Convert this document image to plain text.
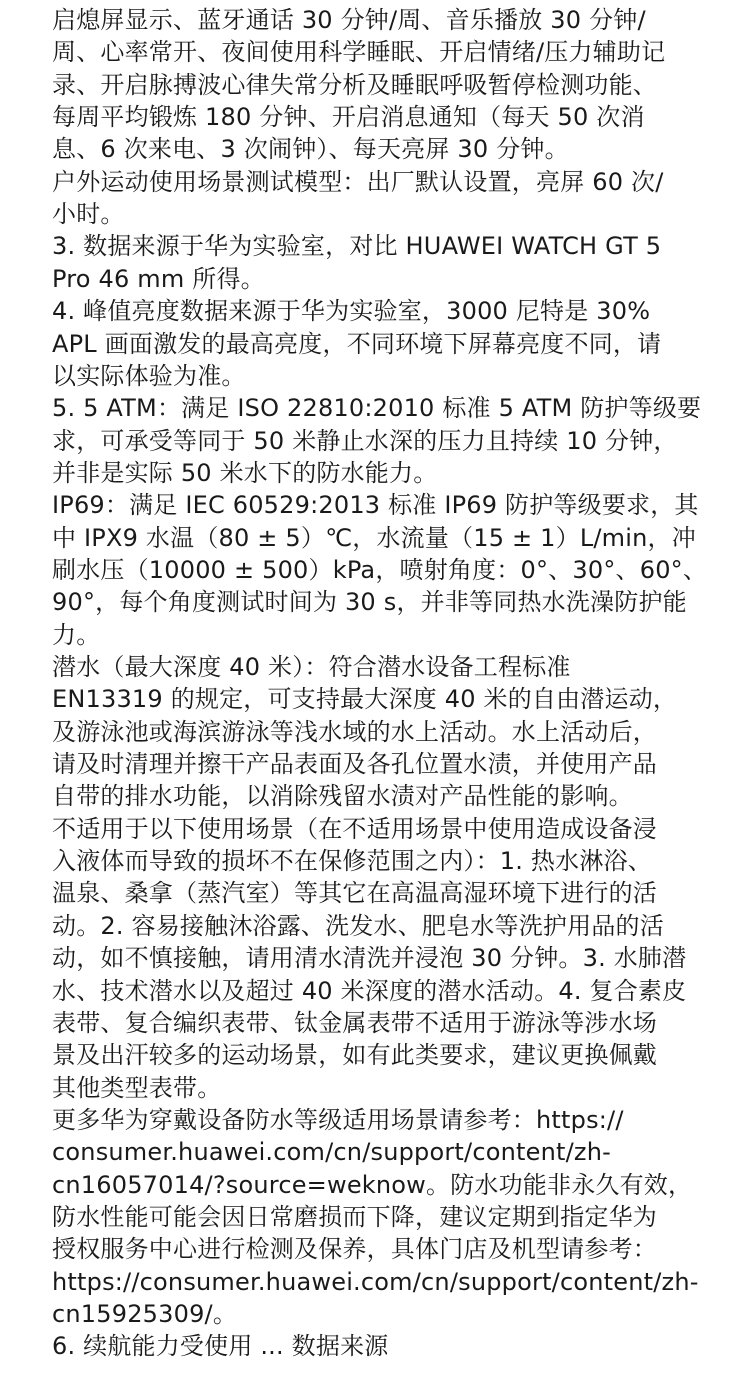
启熄屏显示、蓝牙通话 30 分钟/周、音乐播放 30 分钟/
周、心率常开、夜间使用科学睡眠、开启情绪/压力辅助记
录、开启脉搏波心律失常分析及睡眠呼吸暂停检测功能、
每周平均锻炼 180 分钟、开启消息通知（每天 50 次消
息、6 次来电、3 次闹钟）、每天亮屏 30 分钟。
户外运动使用场景测试模型：出厂默认设置，亮屏 60 次/
小时。
3. 数据来源于华为实验室，对比 HUAWEI WATCH GT 5
Pro 46 mm 所得。
4. 峰值亮度数据来源于华为实验室，3000 尼特是 30%
APL 画面激发的最高亮度，不同环境下屏幕亮度不同，请
以实际体验为准。
5. 5 ATM：满足 ISO 22810:2010 标准 5 ATM 防护等级要
求，可承受等同于 50 米静止水深的压力且持续 10 分钟，
并非是实际 50 米水下的防水能力。
IP69：满足 IEC 60529:2013 标准 IP69 防护等级要求，其
中 IPX9 水温（80 ± 5）℃，水流量（15 ± 1）L/min，冲
刷水压（10000 ± 500）kPa，喷射角度：0°、30°、60°、
90°，每个角度测试时间为 30 s，并非等同热水洗澡防护能
力。
潜水（最大深度 40 米）：符合潜水设备工程标准
EN13319 的规定，可支持最大深度 40 米的自由潜运动，
及游泳池或海滨游泳等浅水域的水上活动。水上活动后，
请及时清理并擦干产品表面及各孔位置水渍，并使用产品
自带的排水功能，以消除残留水渍对产品性能的影响。
不适用于以下使用场景（在不适用场景中使用造成设备浸
入液体而导致的损坏不在保修范围之内）：1. 热水淋浴、
温泉、桑拿（蒸汽室）等其它在高温高湿环境下进行的活
动。2. 容易接触沐浴露、洗发水、肥皂水等洗护用品的活
动，如不慎接触，请用清水清洗并浸泡 30 分钟。3. 水肺潜
水、技术潜水以及超过 40 米深度的潜水活动。4. 复合素皮
表带、复合编织表带、钛金属表带不适用于游泳等涉水场
景及出汗较多的运动场景，如有此类要求，建议更换佩戴
其他类型表带。
更多华为穿戴设备防水等级适用场景请参考：https://
consumer.huawei.com/cn/support/content/zh-
cn16057014/?source=weknow。防水功能非永久有效，
防水性能可能会因日常磨损而下降，建议定期到指定华为
授权服务中心进行检测及保养，具体门店及机型请参考：
https://consumer.huawei.com/cn/support/content/zh-
cn15925309/。
6. 续航能力受使用 ... 数据来源
